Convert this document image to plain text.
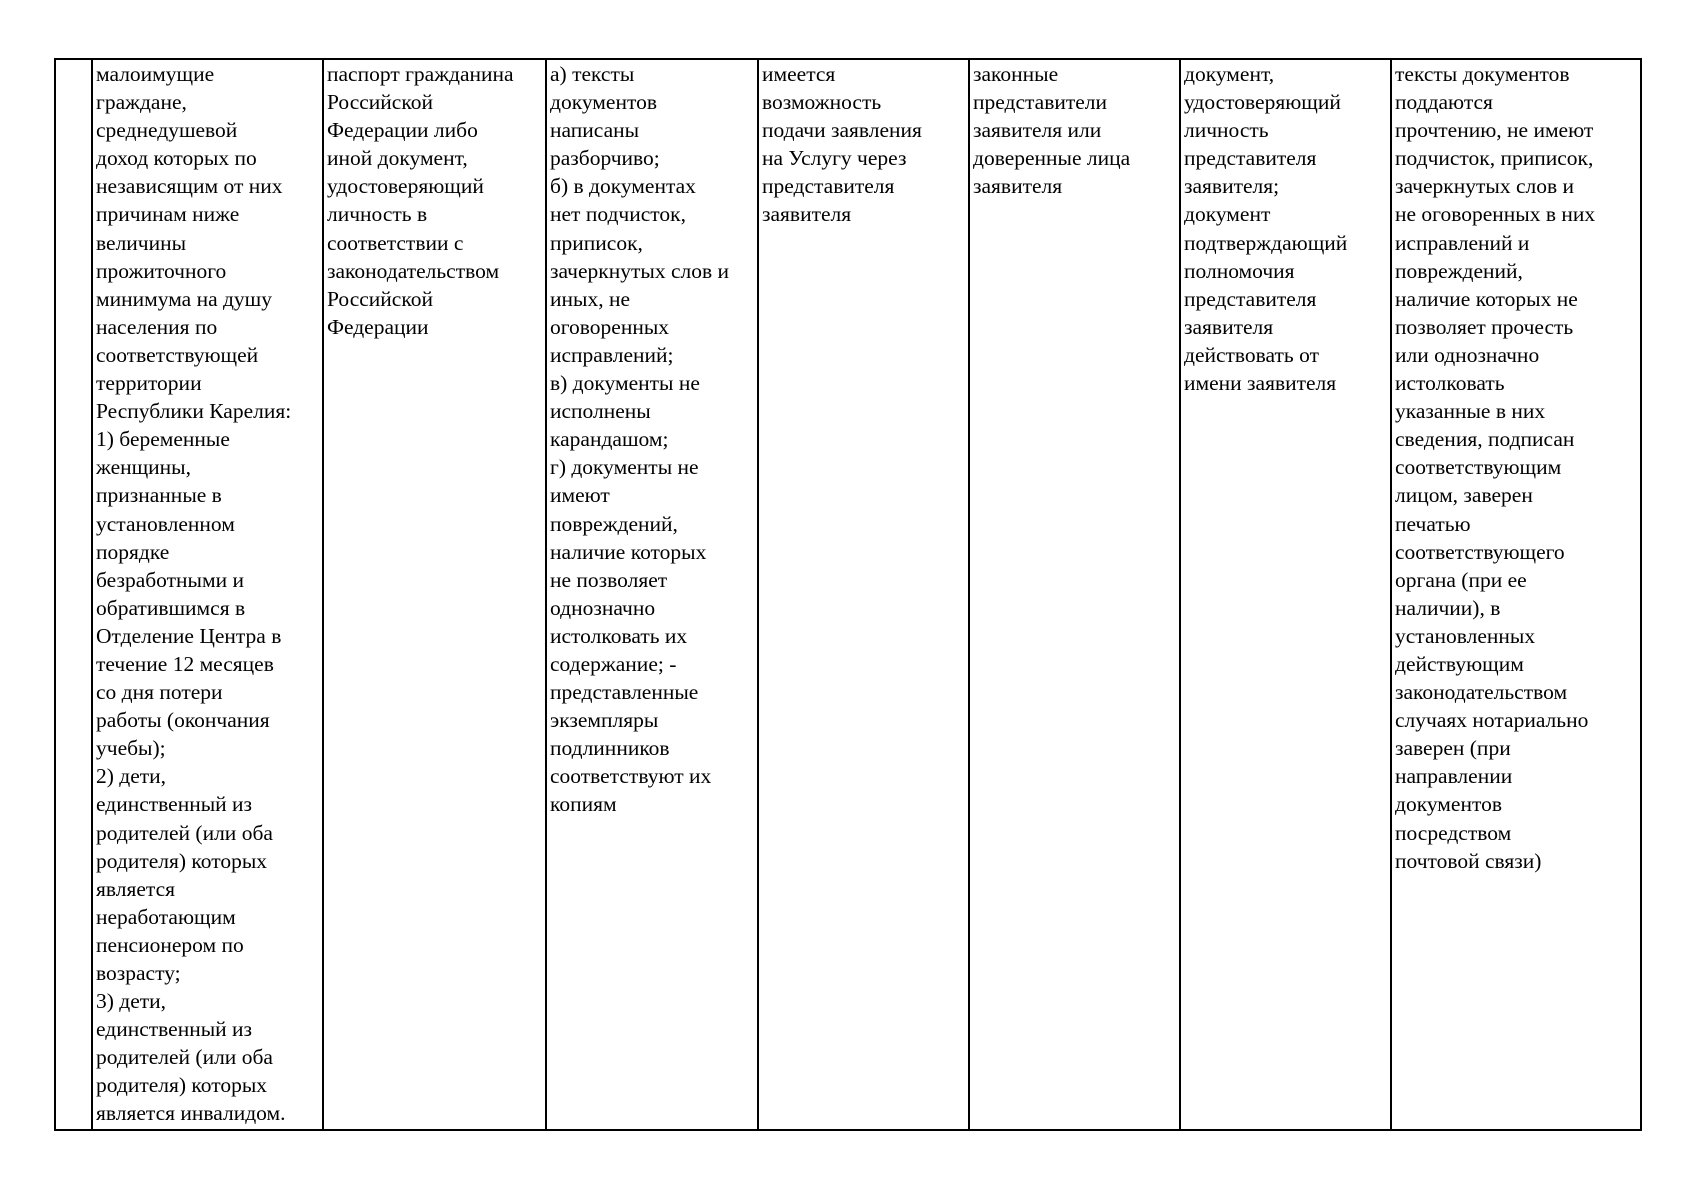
малоимущие
граждане,
среднедушевой
доход которых по
независящим от них
причинам ниже
величины
прожиточного
минимума на душу
населения по
соответствующей
территории
Республики Карелия:
1) беременные
женщины,
признанные в
установленном
порядке
безработными и
обратившимся в
Отделение Центра в
течение 12 месяцев
со дня потери
работы (окончания
учебы);
2) дети,
единственный из
родителей (или оба
родителя) которых
является
неработающим
пенсионером по
возрасту;
3) дети,
единственный из
родителей (или оба
родителя) которых
является инвалидом.

паспорт гражданина
Российской
Федерации либо
иной документ,
удостоверяющий
личность в
соответствии с
законодательством
Российской
Федерации

а) тексты
документов
написаны
разборчиво;
б) в документах
нет подчисток,
приписок,
зачеркнутых слов и
иных, не
оговоренных
исправлений;
в) документы не
исполнены
карандашом;
г) документы не
имеют
повреждений,
наличие которых
не позволяет
однозначно
истолковать их
содержание; -
представленные
экземпляры
подлинников
соответствуют их
копиям

имеется
возможность
подачи заявления
на Услугу через
представителя
заявителя

законные
представители
заявителя или
доверенные лица
заявителя

документ,
удостоверяющий
личность
представителя
заявителя;
документ
подтверждающий
полномочия
представителя
заявителя
действовать от
имени заявителя

тексты документов
поддаются
прочтению, не имеют
подчисток, приписок,
зачеркнутых слов и
не оговоренных в них
исправлений и
повреждений,
наличие которых не
позволяет прочесть
или однозначно
истолковать
указанные в них
сведения, подписан
соответствующим
лицом, заверен
печатью
соответствующего
органа (при ее
наличии), в
установленных
действующим
законодательством
случаях нотариально
заверен (при
направлении
документов
посредством
почтовой связи)
